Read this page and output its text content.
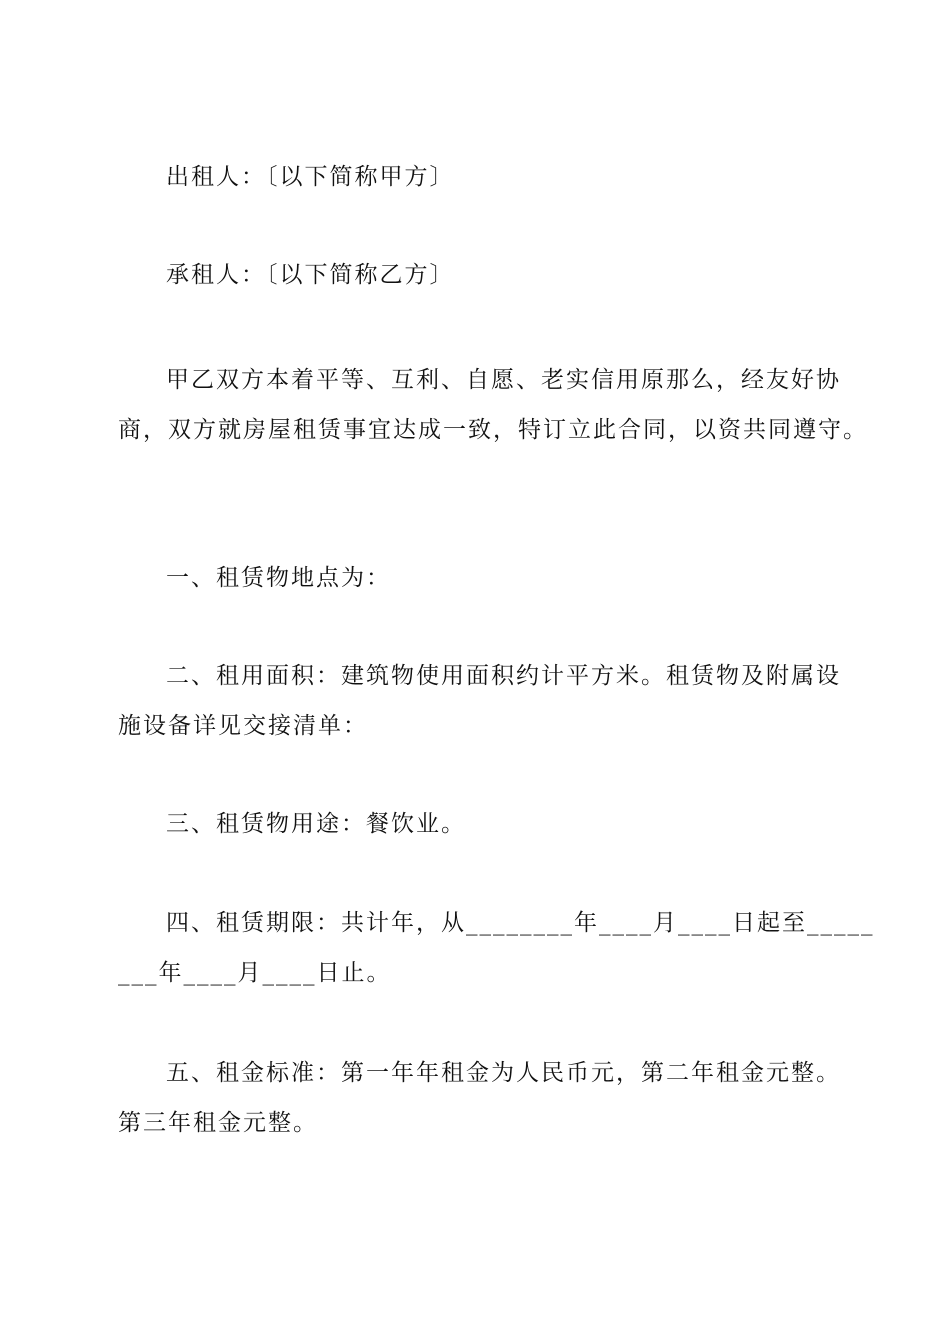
出租人：〔以下简称甲方〕
承租人：〔以下简称乙方〕
甲乙双方本着平等、互利、自愿、老实信用原那么，经友好协
商，双方就房屋租赁事宜达成一致，特订立此合同，以资共同遵守。
一、租赁物地点为：
二、租用面积：建筑物使用面积约计平方米。租赁物及附属设
施设备详见交接清单：
三、租赁物用途：餐饮业。
四、租赁期限：共计年，从________年____月____日起至_____
___年____月____日止。
五、租金标准：第一年年租金为人民币元，第二年租金元整。
第三年租金元整。
